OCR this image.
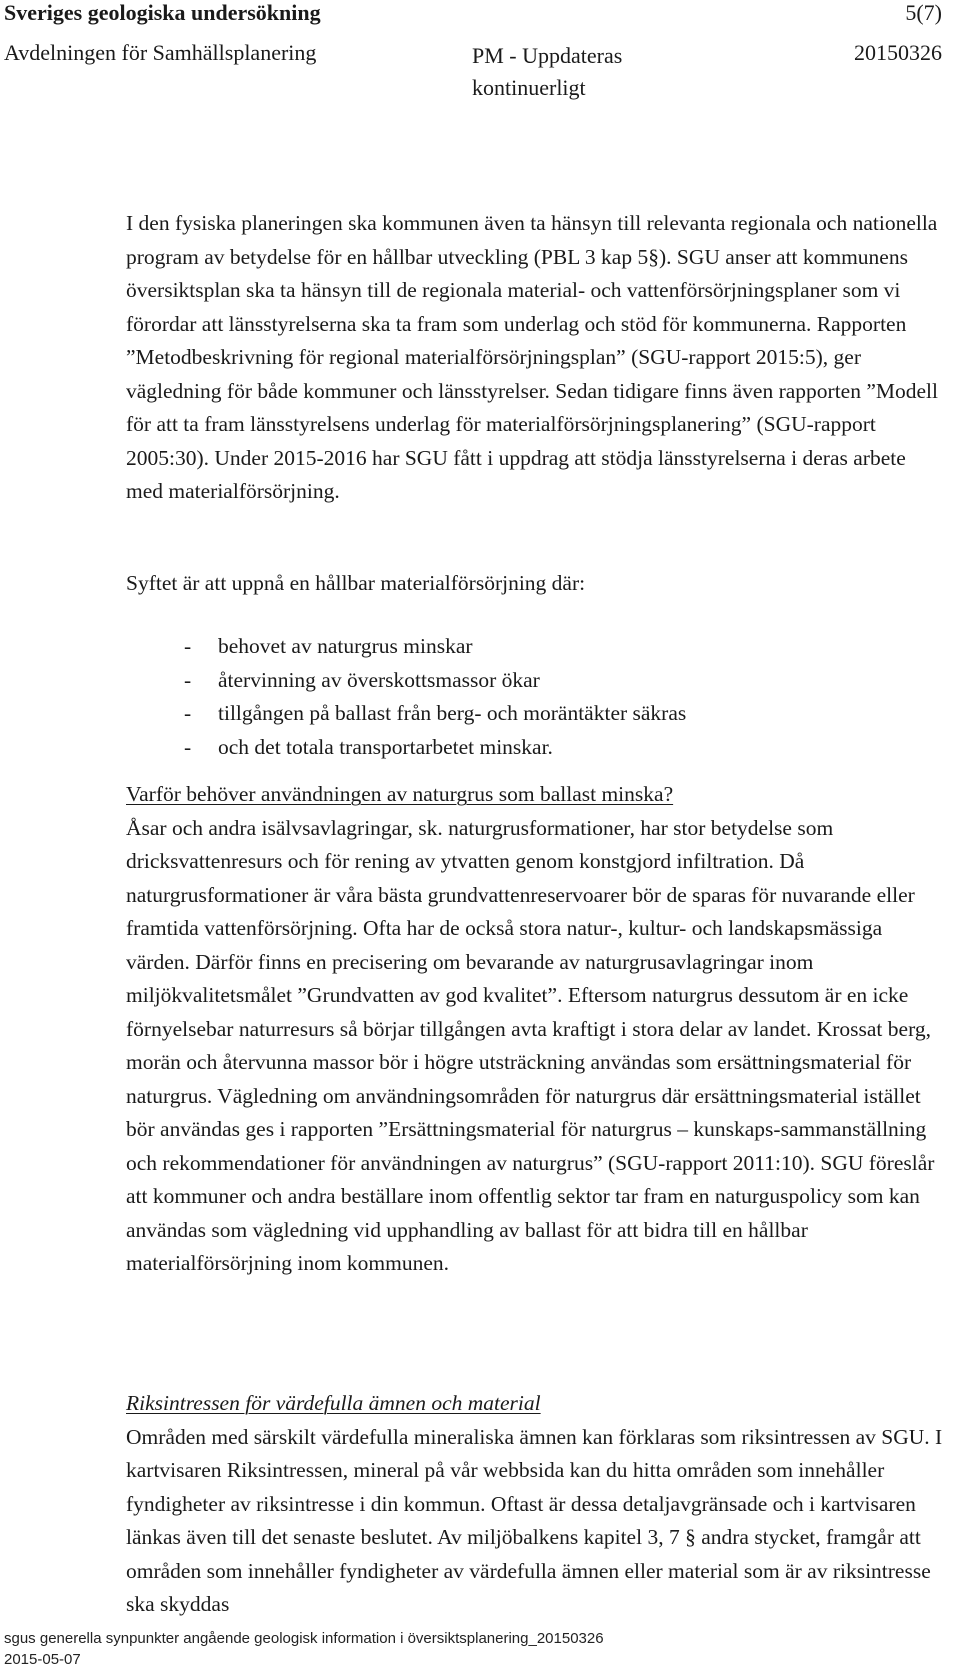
Sveriges geologiska undersökning	5(7)
Avdelningen för Samhällsplanering	PM - Uppdateras kontinuerligt
20150326

I den fysiska planeringen ska kommunen även ta hänsyn till relevanta regionala och nationella program av betydelse för en hållbar utveckling (PBL 3 kap 5§). SGU anser att kommunens översiktsplan ska ta hänsyn till de regionala material- och vattenförsörjningsplaner som vi förordar att länsstyrelserna ska ta fram som underlag och stöd för kommunerna. Rapporten ”Metodbeskrivning för regional materialförsörjningsplan” (SGU-rapport 2015:5), ger vägledning för både kommuner och länsstyrelser. Sedan tidigare finns även rapporten ”Modell för att ta fram länsstyrelsens underlag för materialförsörjningsplanering” (SGU-rapport 2005:30). Under 2015-2016 har SGU fått i uppdrag att stödja länsstyrelserna i deras arbete med materialförsörjning.

Syftet är att uppnå en hållbar materialförsörjning där:

- behovet av naturgrus minskar
- återvinning av överskottsmassor ökar
- tillgången på ballast från berg- och moräntäkter säkras
- och det totala transportarbetet minskar.

Varför behöver användningen av naturgrus som ballast minska?

Åsar och andra isälvsavlagringar, sk. naturgrusformationer, har stor betydelse som dricksvattenresurs och för rening av ytvatten genom konstgjord infiltration. Då naturgrusformationer är våra bästa grundvattenreservoarer bör de sparas för nuvarande eller framtida vattenförsörjning. Ofta har de också stora natur-, kultur- och landskapsmässiga värden. Därför finns en precisering om bevarande av naturgrusavlagringar inom miljökvalitetsmålet ”Grundvatten av god kvalitet”. Eftersom naturgrus dessutom är en icke förnyelsebar naturresurs så börjar tillgången avta kraftigt i stora delar av landet. Krossat berg, morän och återvunna massor bör i högre utsträckning användas som ersättningsmaterial för naturgrus. Vägledning om användningsområden för naturgrus där ersättningsmaterial istället bör användas ges i rapporten ”Ersättningsmaterial för naturgrus – kunskaps-sammanställning och rekommendationer för användningen av naturgrus” (SGU-rapport 2011:10). SGU föreslår att kommuner och andra beställare inom offentlig sektor tar fram en naturguspolicy som kan användas som vägledning vid upphandling av ballast för att bidra till en hållbar materialförsörjning inom kommunen.

Riksintressen för värdefulla ämnen och material

Områden med särskilt värdefulla mineraliska ämnen kan förklaras som riksintressen av SGU. I kartvisaren Riksintressen, mineral på vår webbsida kan du hitta områden som innehåller fyndigheter av riksintresse i din kommun. Oftast är dessa detaljavgränsade och i kartvisaren länkas även till det senaste beslutet. Av miljöbalkens kapitel 3, 7 § andra stycket, framgår att områden som innehåller fyndigheter av värdefulla ämnen eller material som är av riksintresse ska skyddas

sgus generella synpunkter angående geologisk information i översiktsplanering_20150326
2015-05-07
